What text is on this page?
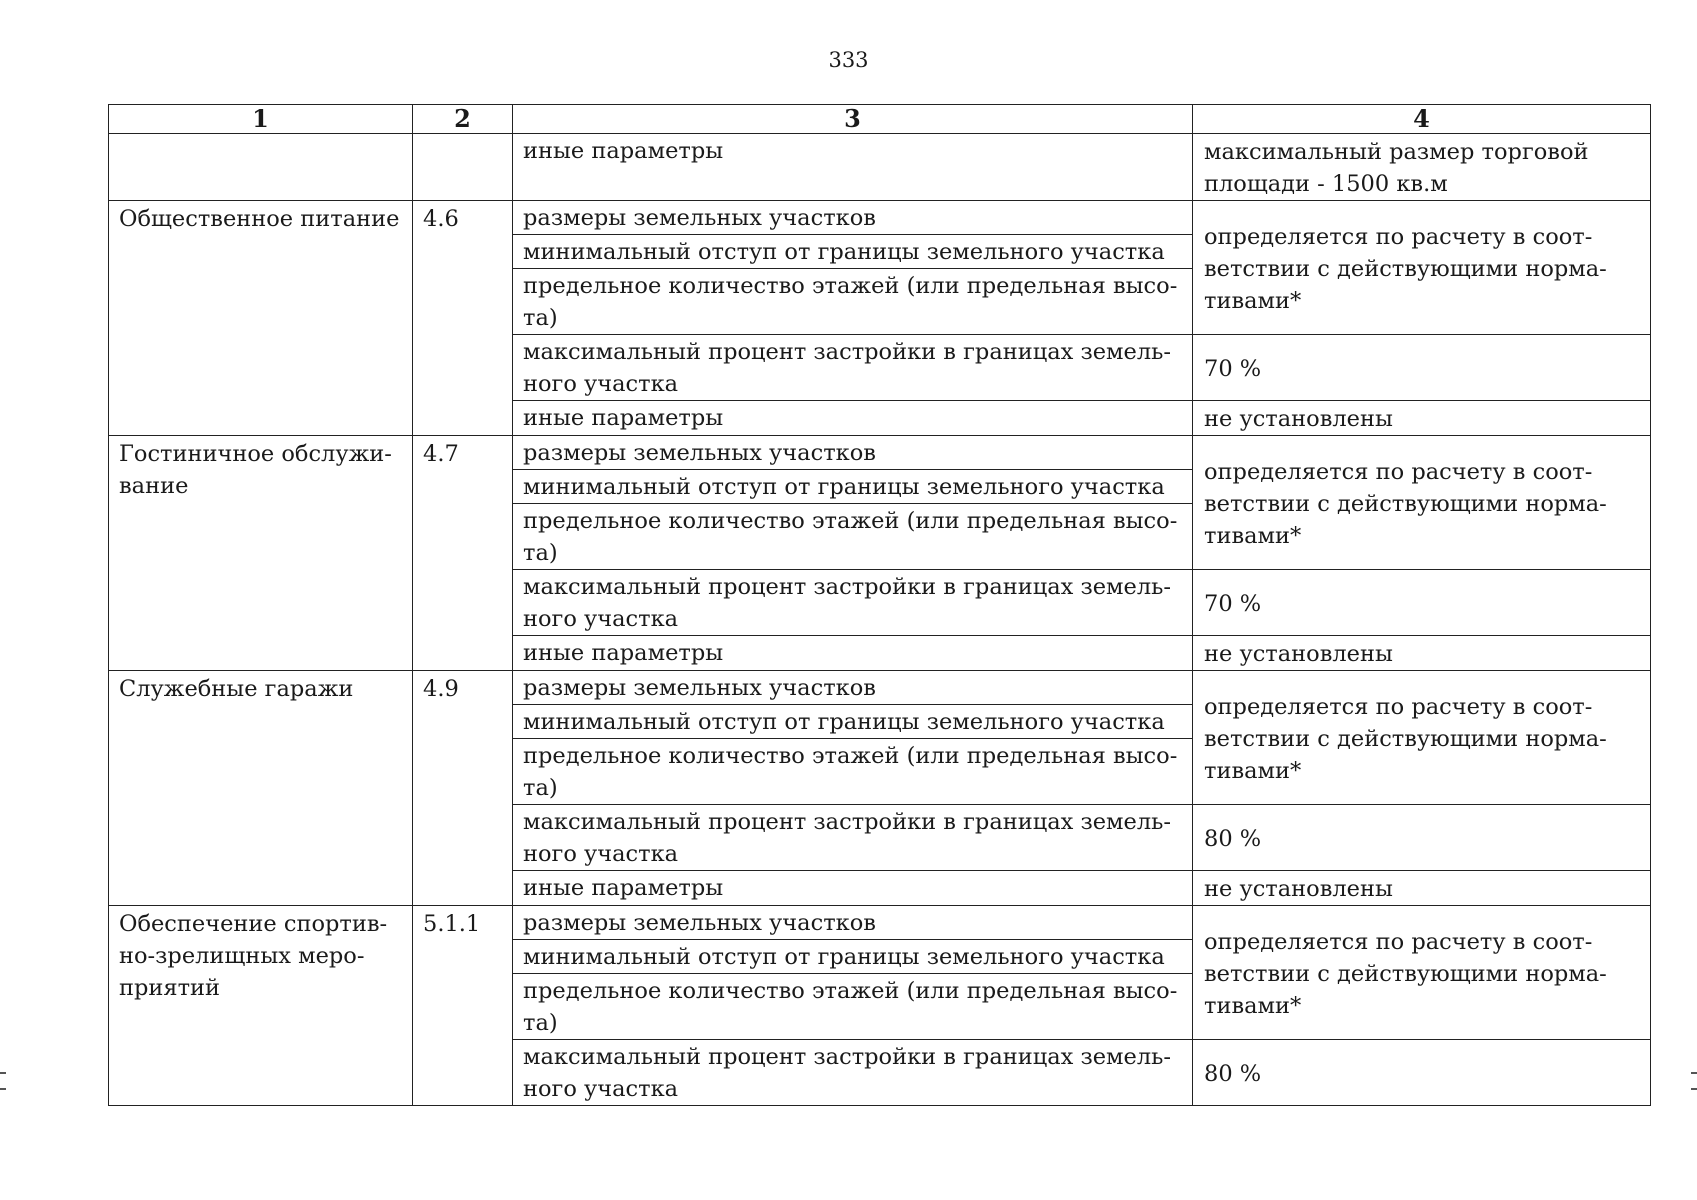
333
1	2	3	4
		иные параметры	максимальный размер торговой площади - 1500 кв.м
Общественное питание	4.6	размеры земельных участков	определяется по расчету в соот-ветствии с действующими норма-тивами*
		минимальный отступ от границы земельного участка	
		предельное количество этажей (или предельная высо-та)	
		максимальный процент застройки в границах земель-ного участка	70 %
		иные параметры	не установлены
Гостиничное обслужи-вание	4.7	размеры земельных участков	определяется по расчету в соот-ветствии с действующими норма-тивами*
		минимальный отступ от границы земельного участка	
		предельное количество этажей (или предельная высо-та)	
		максимальный процент застройки в границах земель-ного участка	70 %
		иные параметры	не установлены
Служебные гаражи	4.9	размеры земельных участков	определяется по расчету в соот-ветствии с действующими норма-тивами*
		минимальный отступ от границы земельного участка	
		предельное количество этажей (или предельная высо-та)	
		максимальный процент застройки в границах земель-ного участка	80 %
		иные параметры	не установлены
Обеспечение спортив-но-зрелищных меро-приятий	5.1.1	размеры земельных участков	определяется по расчету в соот-ветствии с действующими норма-тивами*
		минимальный отступ от границы земельного участка	
		предельное количество этажей (или предельная высо-та)	
		максимальный процент застройки в границах земель-ного участка	80 %
